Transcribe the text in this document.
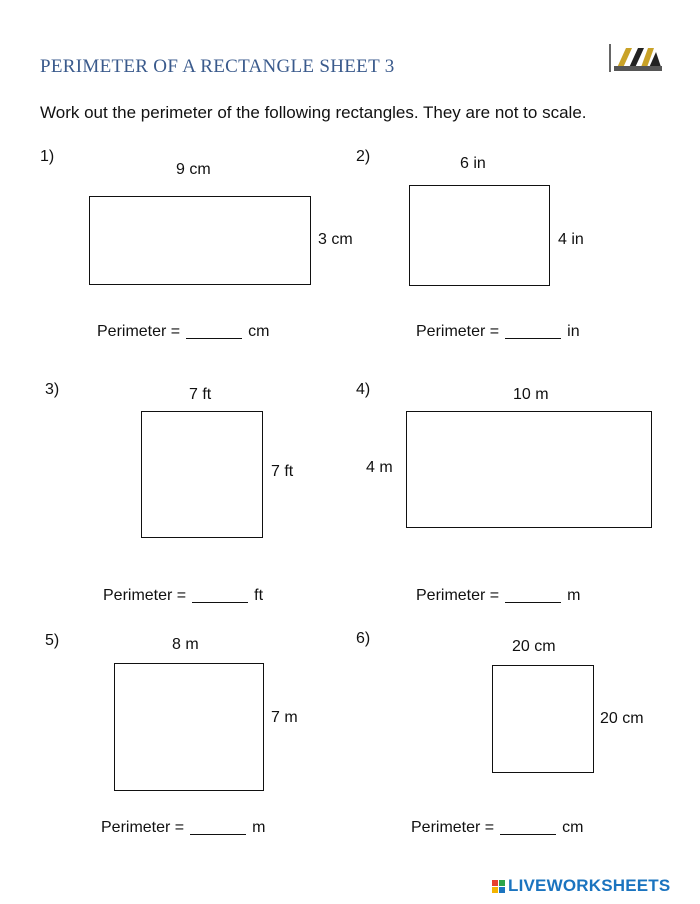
PERIMETER OF A RECTANGLE SHEET 3
Work out the perimeter of the following rectangles. They are not to scale.
1)
9 cm
3 cm
Perimeter =	cm
2)	6 in
4 in
Perimeter =	in
3)	7 ft
7 ft
Perimeter =	ft
4)	10 m
4 m
Perimeter =	m
5)	8 m
7 m
Perimeter =	m
6)	20 cm
20 cm
Perimeter =	cm
LIVEWORKSHEETS
